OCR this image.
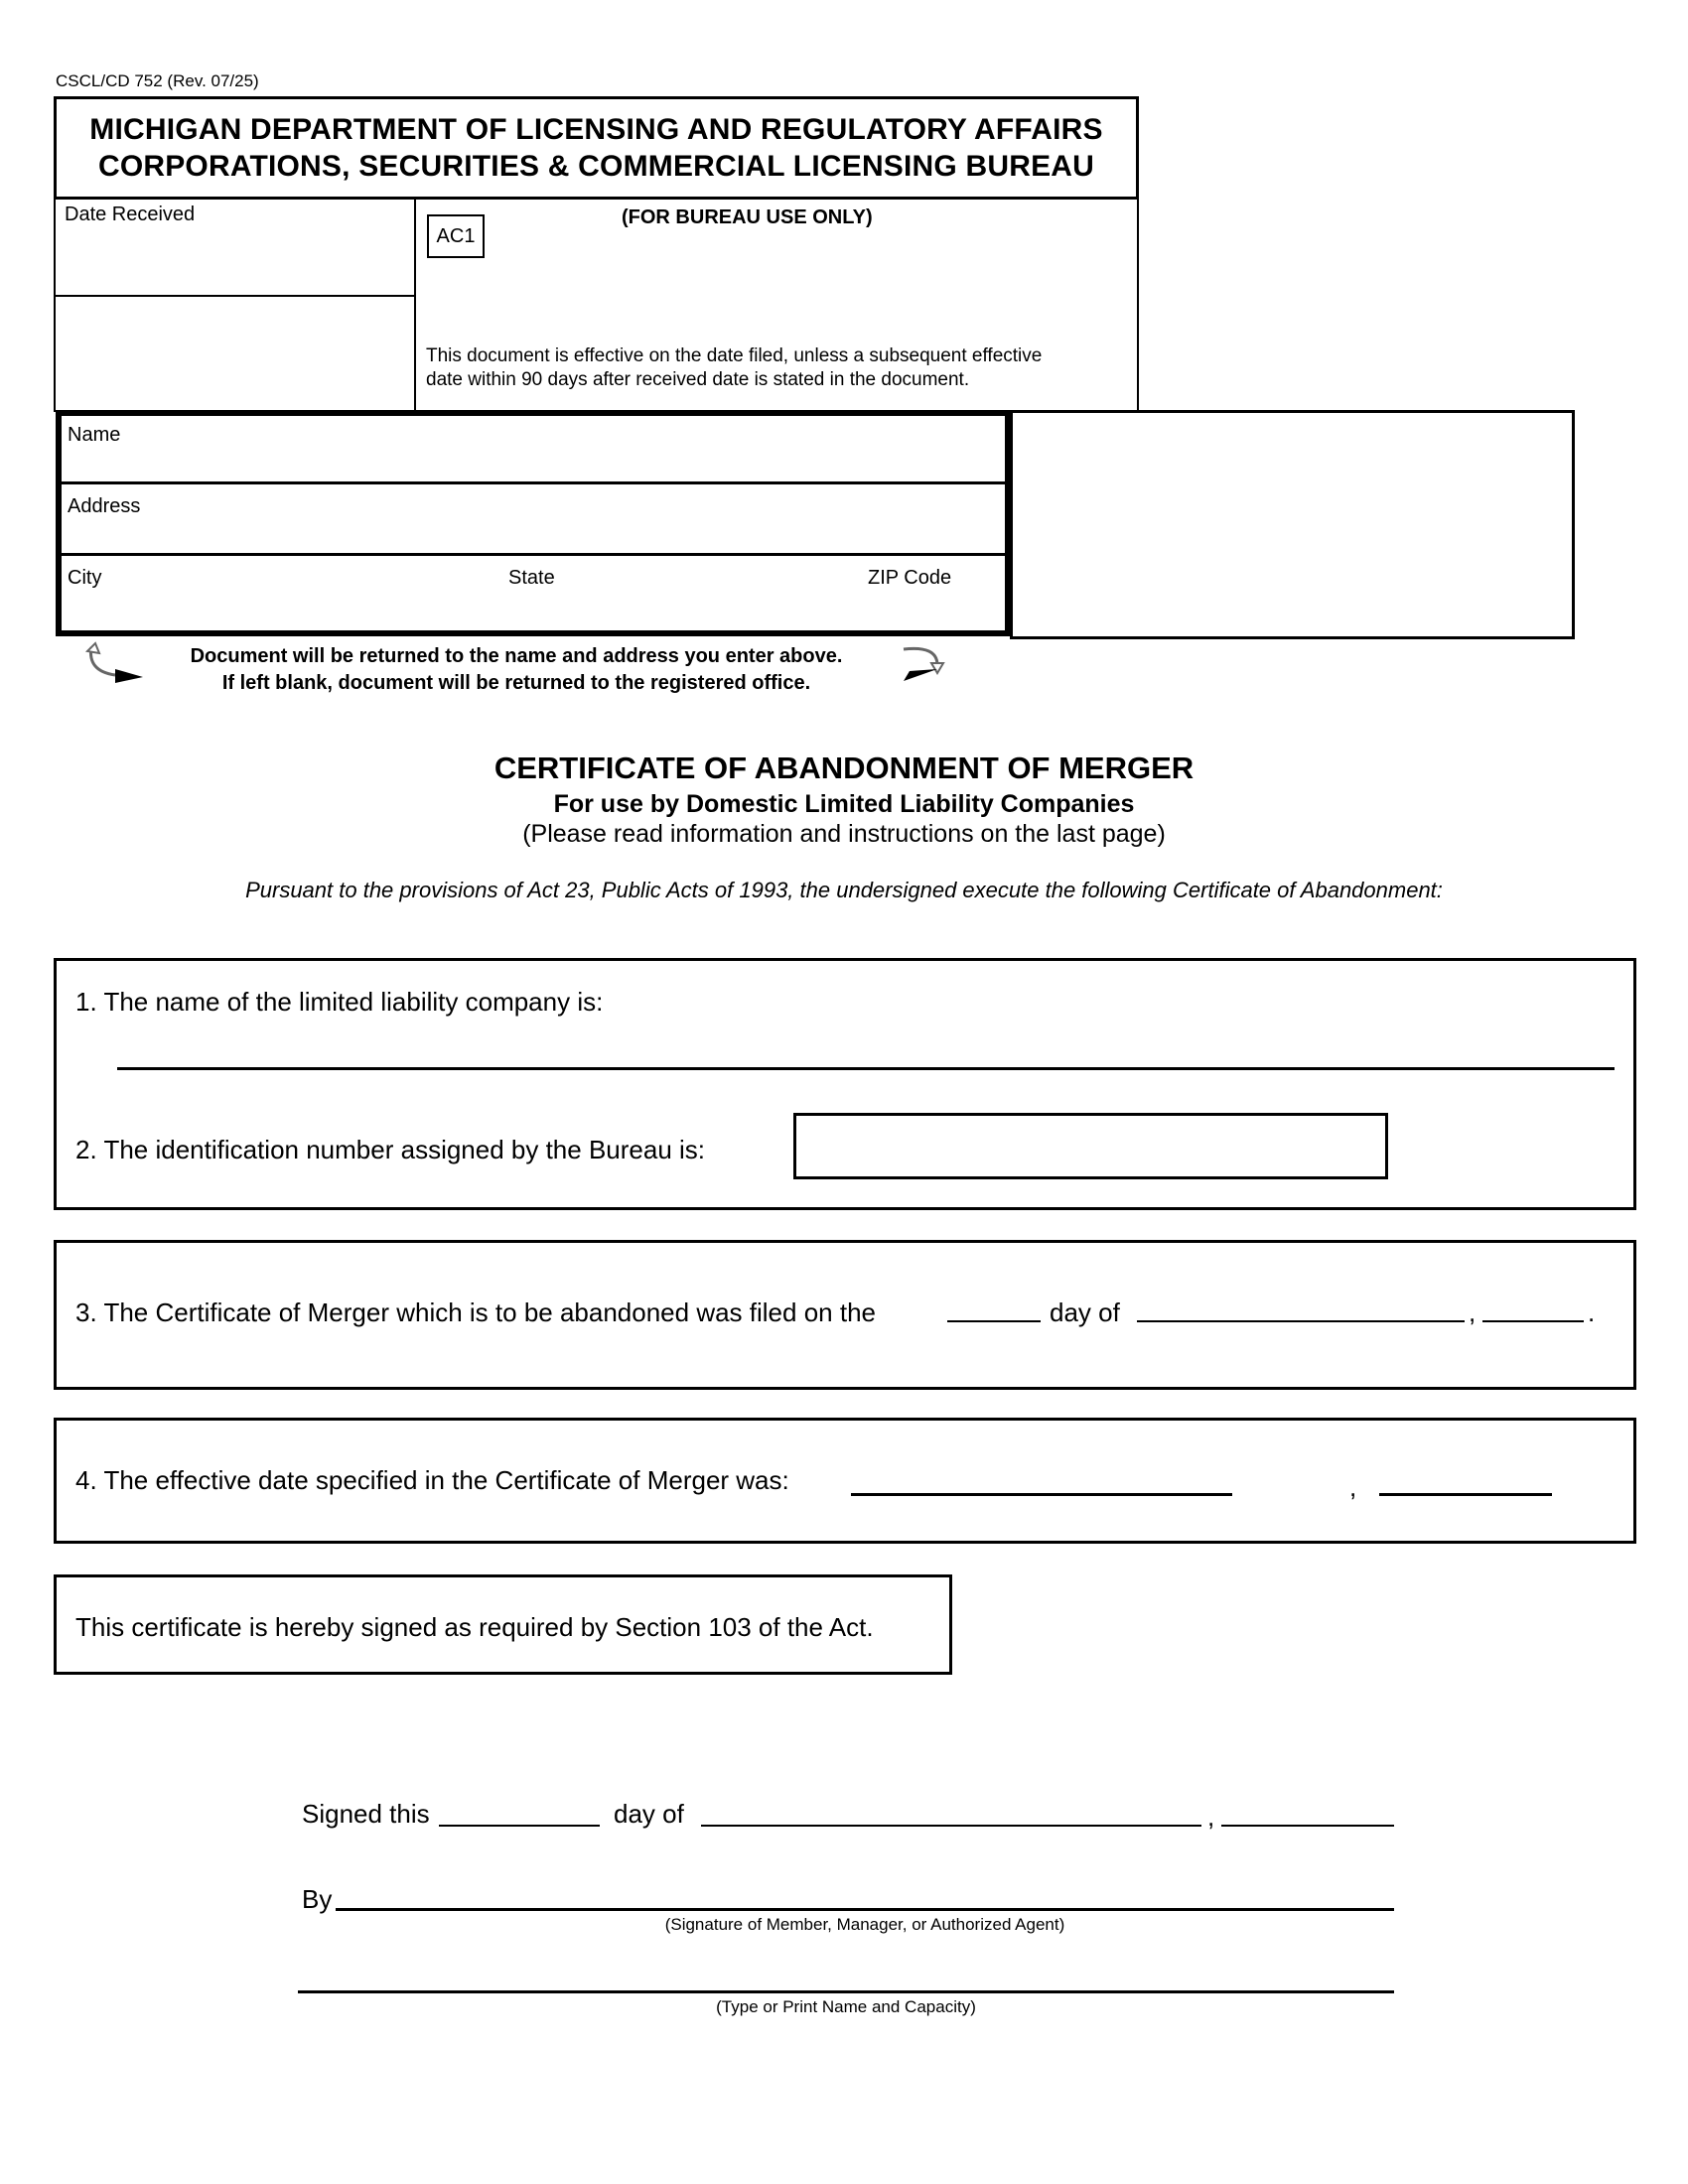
CSCL/CD 752 (Rev. 07/25)
MICHIGAN DEPARTMENT OF LICENSING AND REGULATORY AFFAIRS
CORPORATIONS, SECURITIES & COMMERCIAL LICENSING BUREAU
Date Received	(FOR BUREAU USE ONLY)
This document is effective on the date filed, unless a subsequent effective
date within 90 days after received date is stated in the document.
AC1
Name
Address
City	State	ZIP Code
Document will be returned to the name and address you enter above.
If left blank, document will be returned to the registered office.
CERTIFICATE OF ABANDONMENT OF MERGER
For use by Domestic Limited Liability Companies
(Please read information and instructions on the last page)
Pursuant to the provisions of Act 23, Public Acts of 1993, the undersigned execute the following Certificate of Abandonment:
1. The name of the limited liability company is:
2. The identification number assigned by the Bureau is:
3. The Certificate of Merger which is to be abandoned was filed on the	day of	,	.
4. The effective date specified in the Certificate of Merger was:	,
This certificate is hereby signed as required by Section 103 of the Act.
Signed this	day of	,
By
(Signature of Member, Manager, or Authorized Agent)
(Type or Print Name and Capacity)
